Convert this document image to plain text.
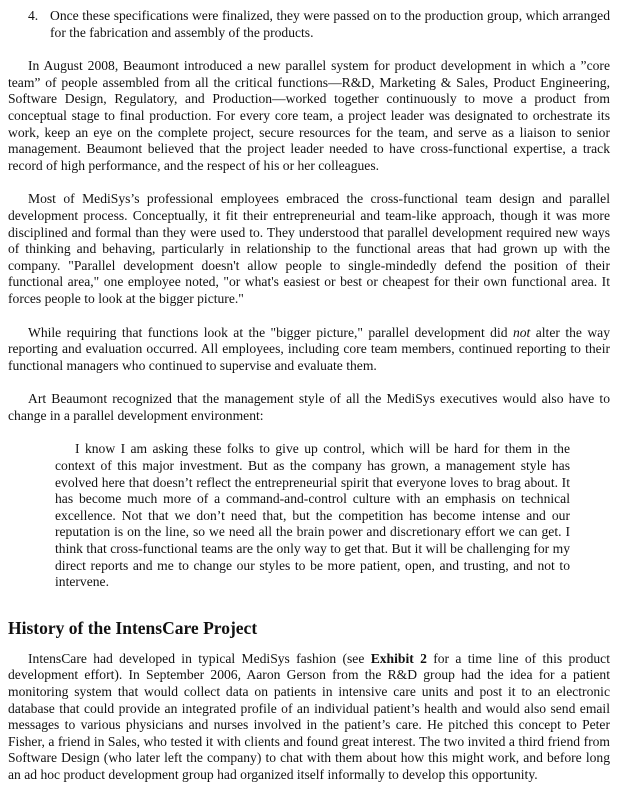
4. Once these specifications were finalized, they were passed on to the production group, which arranged for the fabrication and assembly of the products.

In August 2008, Beaumont introduced a new parallel system for product development in which a ”core team” of people assembled from all the critical functions—R&D, Marketing & Sales, Product Engineering, Software Design, Regulatory, and Production—worked together continuously to move a product from conceptual stage to final production. For every core team, a project leader was designated to orchestrate its work, keep an eye on the complete project, secure resources for the team, and serve as a liaison to senior management. Beaumont believed that the project leader needed to have cross-functional expertise, a track record of high performance, and the respect of his or her colleagues.

Most of MediSys’s professional employees embraced the cross-functional team design and parallel development process. Conceptually, it fit their entrepreneurial and team-like approach, though it was more disciplined and formal than they were used to. They understood that parallel development required new ways of thinking and behaving, particularly in relationship to the functional areas that had grown up with the company. "Parallel development doesn't allow people to single-mindedly defend the position of their functional area," one employee noted, "or what's easiest or best or cheapest for their own functional area. It forces people to look at the bigger picture."

While requiring that functions look at the "bigger picture," parallel development did not alter the way reporting and evaluation occurred. All employees, including core team members, continued reporting to their functional managers who continued to supervise and evaluate them.

Art Beaumont recognized that the management style of all the MediSys executives would also have to change in a parallel development environment:

I know I am asking these folks to give up control, which will be hard for them in the context of this major investment. But as the company has grown, a management style has evolved here that doesn’t reflect the entrepreneurial spirit that everyone loves to brag about. It has become much more of a command-and-control culture with an emphasis on technical excellence. Not that we don’t need that, but the competition has become intense and our reputation is on the line, so we need all the brain power and discretionary effort we can get. I think that cross-functional teams are the only way to get that. But it will be challenging for my direct reports and me to change our styles to be more patient, open, and trusting, and not to intervene.

History of the IntensCare Project

IntensCare had developed in typical MediSys fashion (see Exhibit 2 for a time line of this product development effort). In September 2006, Aaron Gerson from the R&D group had the idea for a patient monitoring system that would collect data on patients in intensive care units and post it to an electronic database that could provide an integrated profile of an individual patient’s health and would also send email messages to various physicians and nurses involved in the patient’s care. He pitched this concept to Peter Fisher, a friend in Sales, who tested it with clients and found great interest. The two invited a third friend from Software Design (who later left the company) to chat with them about how this might work, and before long an ad hoc product development group had organized itself informally to develop this opportunity.
